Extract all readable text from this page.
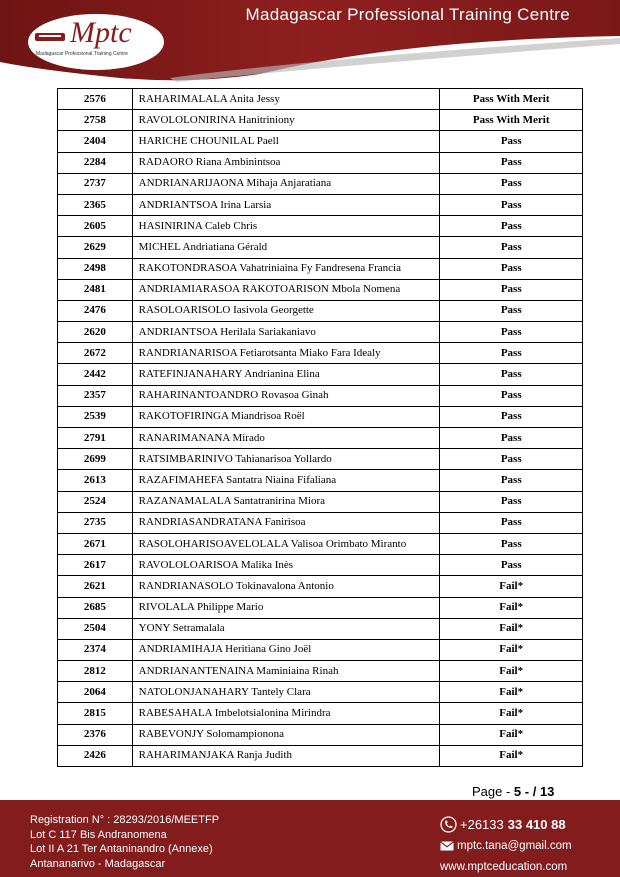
Madagascar Professional Training Centre
Mptc
Madagascar Professional Training Centre
2576	RAHARIMALALA Anita Jessy	Pass With Merit
2758	RAVOLOLONIRINA Hanitriniony	Pass With Merit
2404	HARICHE CHOUNILAL Paell	Pass
2284	RADAORO Riana Ambinintsoa	Pass
2737	ANDRIANARIJAONA Mihaja Anjaratiana	Pass
2365	ANDRIANTSOA Irina Larsia	Pass
2605	HASINIRINA Caleb Chris	Pass
2629	MICHEL Andriatiana Gérald	Pass
2498	RAKOTONDRASOA Vahatriniaina Fy Fandresena Francia	Pass
2481	ANDRIAMIARASOA RAKOTOARISON Mbola Nomena	Pass
2476	RASOLOARISOLO Iasivola Georgette	Pass
2620	ANDRIANTSOA Herilala Sariakaniavo	Pass
2672	RANDRIANARISOA Fetiarotsanta Miako Fara Idealy	Pass
2442	RATEFINJANAHARY Andrianina Elina	Pass
2357	RAHARINANTOANDRO Rovasoa Ginah	Pass
2539	RAKOTOFIRINGA Miandrisoa Roël	Pass
2791	RANARIMANANA Mirado	Pass
2699	RATSIMBARINIVO Tahianarisoa Yollardo	Pass
2613	RAZAFIMAHEFA Santatra Niaina Fifaliana	Pass
2524	RAZANAMALALA Santatranirina Miora	Pass
2735	RANDRIASANDRATANA Fanirisoa	Pass
2671	RASOLOHARISOAVELOLALA Valisoa Orimbato Miranto	Pass
2617	RAVOLOLOARISOA Malika Inès	Pass
2621	RANDRIANASOLO Tokinavalona Antonio	Fail*
2685	RIVOLALA Philippe Mario	Fail*
2504	YONY Setramalala	Fail*
2374	ANDRIAMIHAJA Heritiana Gino Joël	Fail*
2812	ANDRIANANTENAINA Maminiaina Rinah	Fail*
2064	NATOLONJANAHARY Tantely Clara	Fail*
2815	RABESAHALA Imbelotsialonina Mirindra	Fail*
2376	RABEVONJY Solomampionona	Fail*
2426	RAHARIMANJAKA Ranja Judith	Fail*
Page - 5 - / 13
Registration N° : 28293/2016/MEETFP
Lot C 117 Bis Andranomena
Lot II A 21 Ter Antaninandro (Annexe)
Antananarivo - Madagascar
+26133 33 410 88
mptc.tana@gmail.com
www.mptceducation.com
